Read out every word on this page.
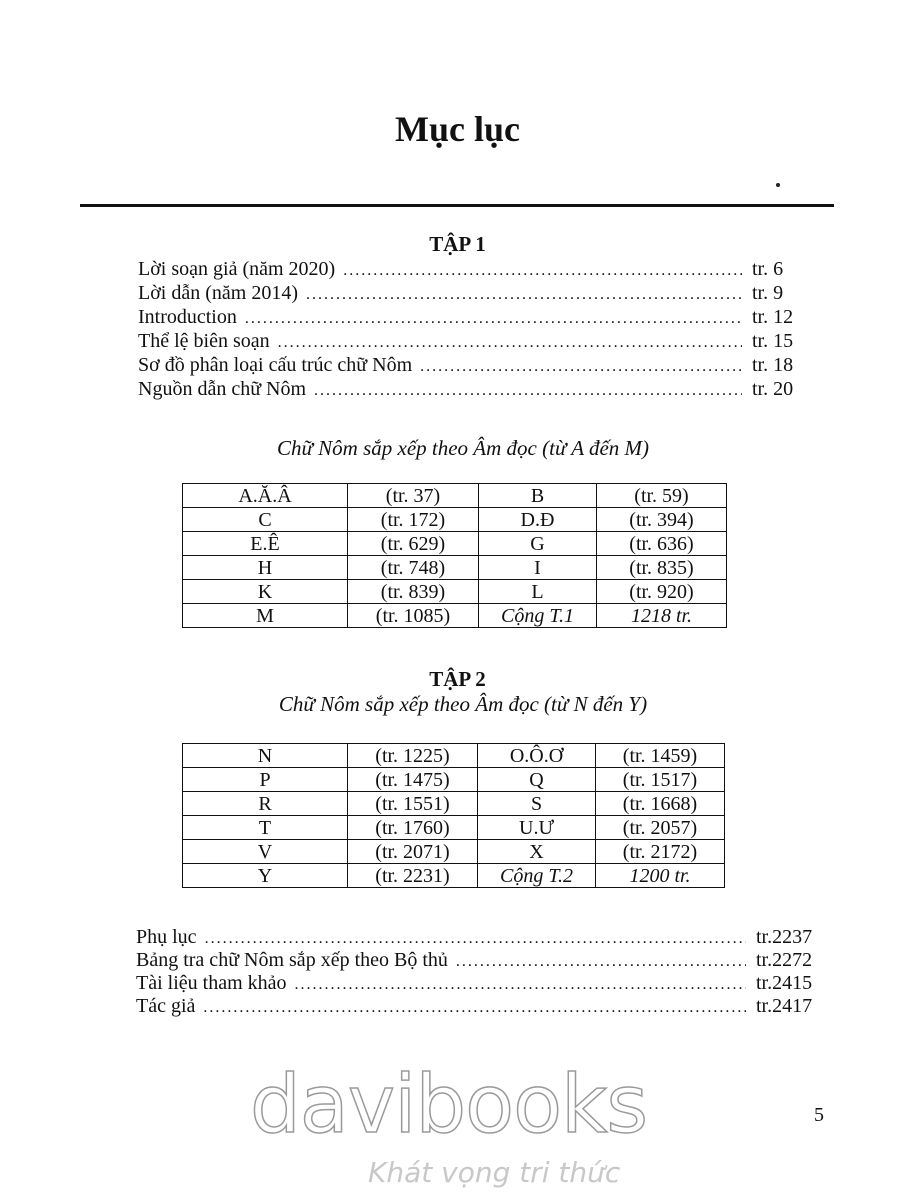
Mục lục
TẬP 1
Lời soạn giả (năm 2020) .....	tr. 6
Lời dẫn (năm 2014) .....	tr. 9
Introduction .....	tr. 12
Thể lệ biên soạn .....	tr. 15
Sơ đồ phân loại cấu trúc chữ Nôm .....	tr. 18
Nguồn dẫn chữ Nôm .....	tr. 20
Chữ Nôm sắp xếp theo Âm đọc (từ A đến M)
A.Ă.Â	(tr. 37)	B	(tr. 59)
C	(tr. 172)	D.Đ	(tr. 394)
E.Ê	(tr. 629)	G	(tr. 636)
H	(tr. 748)	I	(tr. 835)
K	(tr. 839)	L	(tr. 920)
M	(tr. 1085)	Cộng T.1	1218 tr.
TẬP 2
Chữ Nôm sắp xếp theo Âm đọc (từ N đến Y)
N	(tr. 1225)	O.Ô.Ơ	(tr. 1459)
P	(tr. 1475)	Q	(tr. 1517)
R	(tr. 1551)	S	(tr. 1668)
T	(tr. 1760)	U.Ư	(tr. 2057)
V	(tr. 2071)	X	(tr. 2172)
Y	(tr. 2231)	Cộng T.2	1200 tr.
Phụ lục .....	tr.2237
Bảng tra chữ Nôm sắp xếp theo Bộ thủ .....	tr.2272
Tài liệu tham khảo .....	tr.2415
Tác giả .....	tr.2417
5
davibooks
Khát vọng tri thức
